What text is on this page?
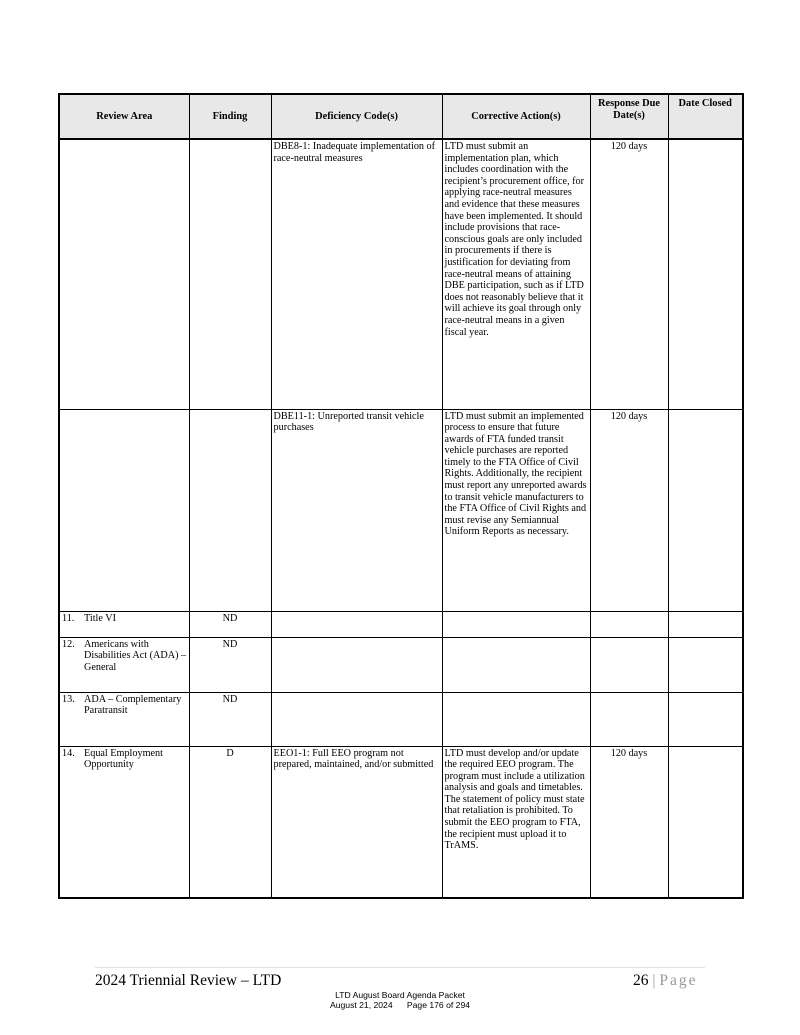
Review Area	Finding	Deficiency Code(s)	Corrective Action(s)	Response Due Date(s)	Date Closed

		DBE8-1: Inadequate implementation of race-neutral measures	LTD must submit an implementation plan, which includes coordination with the recipient’s procurement office, for applying race-neutral measures and evidence that these measures have been implemented. It should include provisions that race-conscious goals are only included in procurements if there is justification for deviating from race-neutral means of attaining DBE participation, such as if LTD does not reasonably believe that it will achieve its goal through only race-neutral means in a given fiscal year.	120 days	

		DBE11-1: Unreported transit vehicle purchases	LTD must submit an implemented process to ensure that future awards of FTA funded transit vehicle purchases are reported timely to the FTA Office of Civil Rights. Additionally, the recipient must report any unreported awards to transit vehicle manufacturers to the FTA Office of Civil Rights and must revise any Semiannual Uniform Reports as necessary.	120 days	

11. Title VI	ND				

12. Americans with Disabilities Act (ADA) – General	ND				

13. ADA – Complementary Paratransit	ND				

14. Equal Employment Opportunity	D	EEO1-1: Full EEO program not prepared, maintained, and/or submitted	LTD must develop and/or update the required EEO program. The program must include a utilization analysis and goals and timetables. The statement of policy must state that retaliation is prohibited. To submit the EEO program to FTA, the recipient must upload it to TrAMS.	120 days	
2024 Triennial Review – LTD	26 | Page
LTD August Board Agenda Packet
August 21, 2024      Page 176 of 294
